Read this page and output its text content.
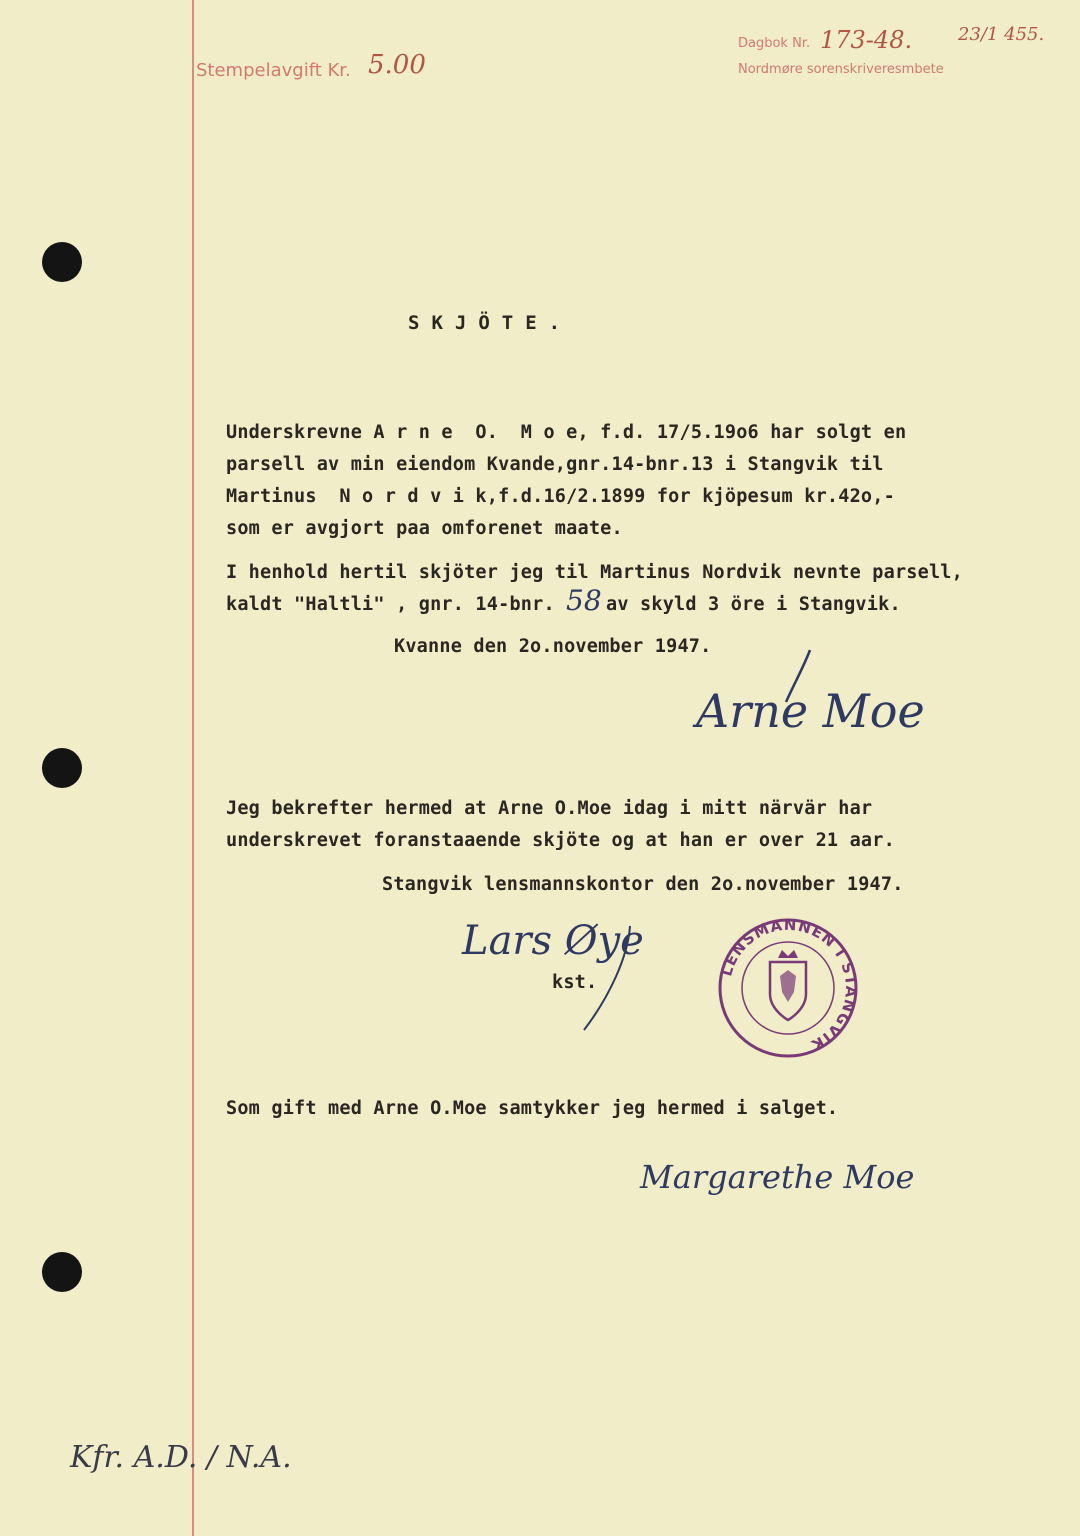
Stempelavgift Kr. 5.00
Dagbok Nr. 173-48.	23/1 455.
Nordmøre sorenskriveresmbete
SKJÖTE.
Underskrevne A r n e  O.  M o e, f.d. 17/5.19o6 har solgt en
parsell av min eiendom Kvande,gnr.14-bnr.13 i Stangvik til
Martinus  N o r d v i k,f.d.16/2.1899 for kjöpesum kr.42o,-
som er avgjort paa omforenet maate.
I henhold hertil skjöter jeg til Martinus Nordvik nevnte parsell,
kaldt "Haltli" , gnr. 14-bnr. 58 av skyld 3 öre i Stangvik.
Kvanne den 2o.november 1947.
Arne Moe
Jeg bekrefter hermed at Arne O.Moe idag i mitt närvär har
underskrevet foranstaaende skjöte og at han er over 21 aar.
Stangvik lensmannskontor den 2o.november 1947.
Lars Øye
kst.
LENSMANNEN I STANGVIK
Som gift med Arne O.Moe samtykker jeg hermed i salget.
Margarethe Moe
Kfr. A.D. / N.A.
